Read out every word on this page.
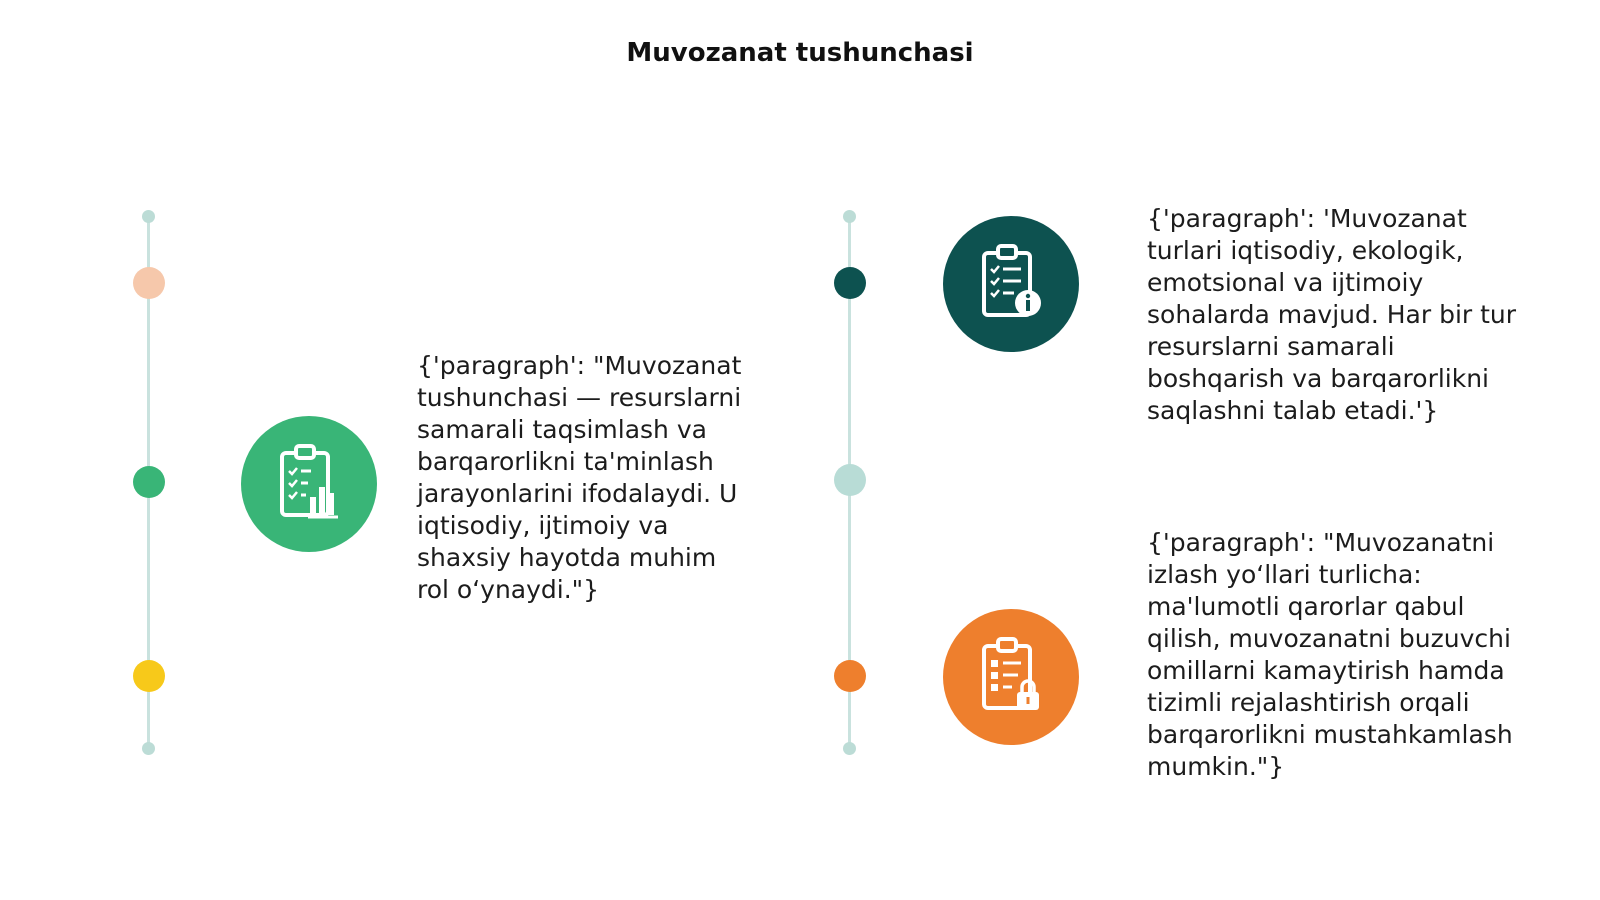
Muvozanat tushunchasi
{'paragraph': "Muvozanat tushunchasi — resurslarni samarali taqsimlash va barqarorlikni ta'minlash jarayonlarini ifodalaydi. U iqtisodiy, ijtimoiy va shaxsiy hayotda muhim rol o‘ynaydi."}
{'paragraph': 'Muvozanat turlari iqtisodiy, ekologik, emotsional va ijtimoiy sohalarda mavjud. Har bir tur resurslarni samarali boshqarish va barqarorlikni saqlashni talab etadi.'}
{'paragraph': "Muvozanatni izlash yo‘llari turlicha: ma'lumotli qarorlar qabul qilish, muvozanatni buzuvchi omillarni kamaytirish hamda tizimli rejalashtirish orqali barqarorlikni mustahkamlash mumkin."}
